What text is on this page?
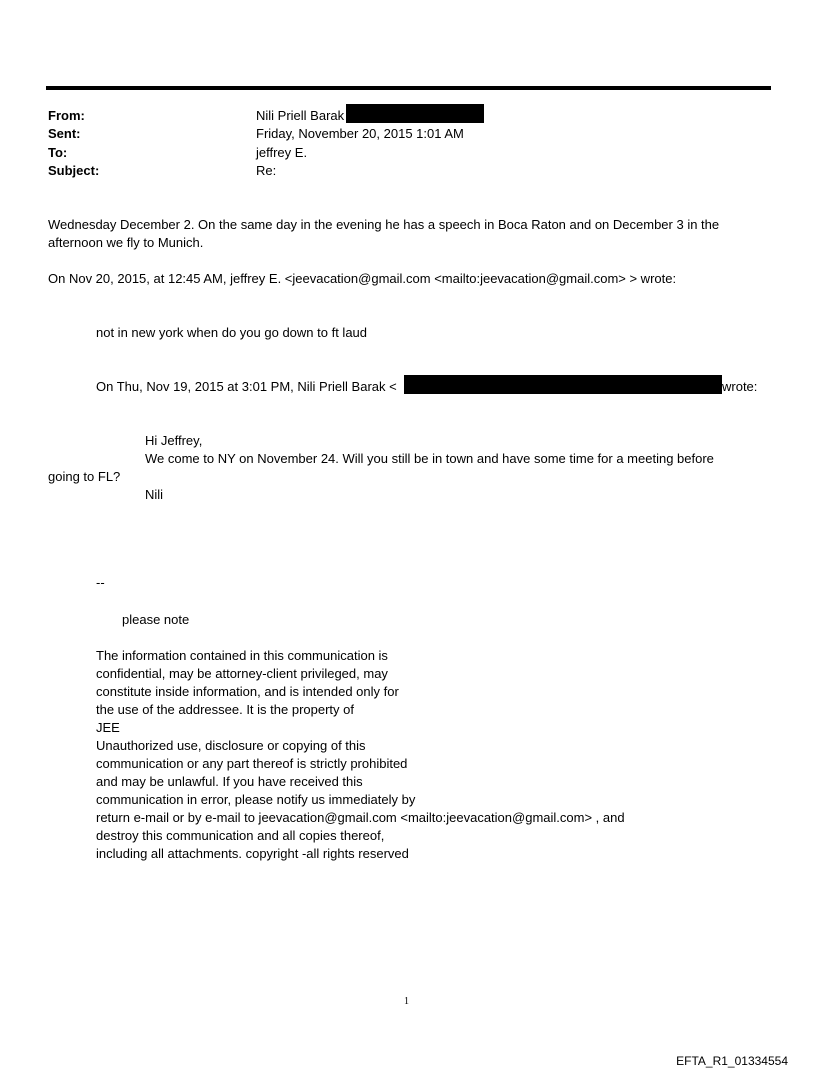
From:	Nili Priell Barak
Sent:	Friday, November 20, 2015 1:01 AM
To:	jeffrey E.
Subject:	Re:
Wednesday December 2. On the same day in the evening he has a speech in Boca Raton and on December 3 in the
afternoon we fly to Munich.
On Nov 20, 2015, at 12:45 AM, jeffrey E. <jeevacation@gmail.com <mailto:jeevacation@gmail.com> > wrote:
not in new york when do you go down to ft laud
On Thu, Nov 19, 2015 at 3:01 PM, Nili Priell Barak <	wrote:
Hi Jeffrey,
We come to NY on November 24. Will you still be in town and have some time for a meeting before
going to FL?
Nili
--
please note
The information contained in this communication is
confidential, may be attorney-client privileged, may
constitute inside information, and is intended only for
the use of the addressee. It is the property of
JEE
Unauthorized use, disclosure or copying of this
communication or any part thereof is strictly prohibited
and may be unlawful. If you have received this
communication in error, please notify us immediately by
return e-mail or by e-mail to jeevacation@gmail.com <mailto:jeevacation@gmail.com> , and
destroy this communication and all copies thereof,
including all attachments. copyright -all rights reserved
1
EFTA_R1_01334554
